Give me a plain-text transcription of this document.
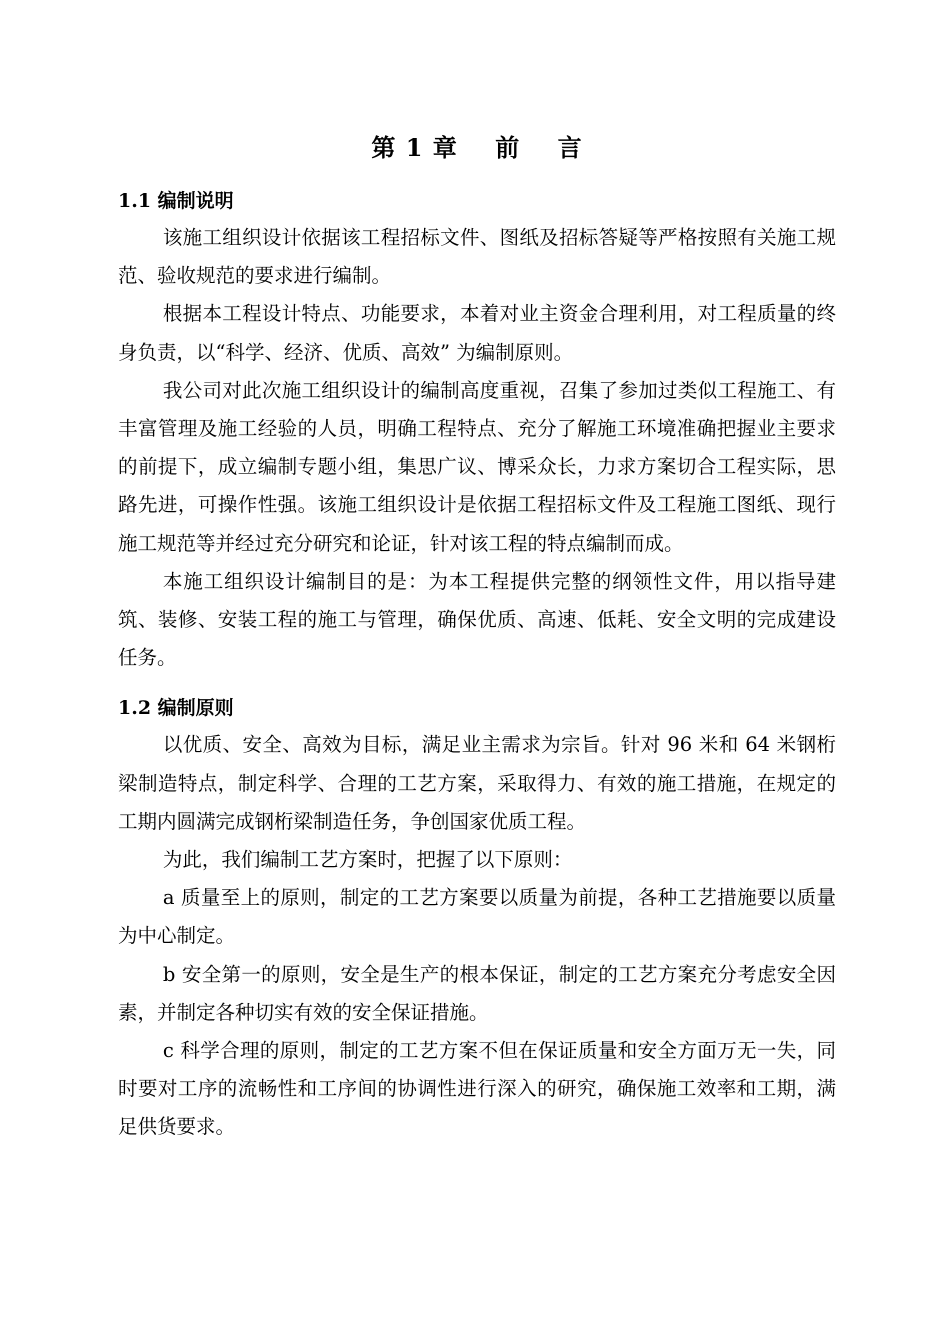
第 1 章    前    言
1.1 编制说明

该施工组织设计依据该工程招标文件、图纸及招标答疑等严格按照有关施工规范、验收规范的要求进行编制。

根据本工程设计特点、功能要求，本着对业主资金合理利用，对工程质量的终身负责，以“科学、经济、优质、高效” 为编制原则。

我公司对此次施工组织设计的编制高度重视，召集了参加过类似工程施工、有丰富管理及施工经验的人员，明确工程特点、充分了解施工环境准确把握业主要求的前提下，成立编制专题小组，集思广议、博采众长，力求方案切合工程实际，思路先进，可操作性强。该施工组织设计是依据工程招标文件及工程施工图纸、现行施工规范等并经过充分研究和论证，针对该工程的特点编制而成。

本施工组织设计编制目的是：为本工程提供完整的纲领性文件，用以指导建筑、装修、安装工程的施工与管理，确保优质、高速、低耗、安全文明的完成建设任务。

1.2 编制原则

以优质、安全、高效为目标，满足业主需求为宗旨。针对 96 米和 64 米钢桁梁制造特点，制定科学、合理的工艺方案，采取得力、有效的施工措施，在规定的工期内圆满完成钢桁梁制造任务，争创国家优质工程。

为此，我们编制工艺方案时，把握了以下原则：

a 质量至上的原则，制定的工艺方案要以质量为前提，各种工艺措施要以质量为中心制定。

b 安全第一的原则，安全是生产的根本保证，制定的工艺方案充分考虑安全因素，并制定各种切实有效的安全保证措施。

c 科学合理的原则，制定的工艺方案不但在保证质量和安全方面万无一失，同时要对工序的流畅性和工序间的协调性进行深入的研究，确保施工效率和工期，满足供货要求。
